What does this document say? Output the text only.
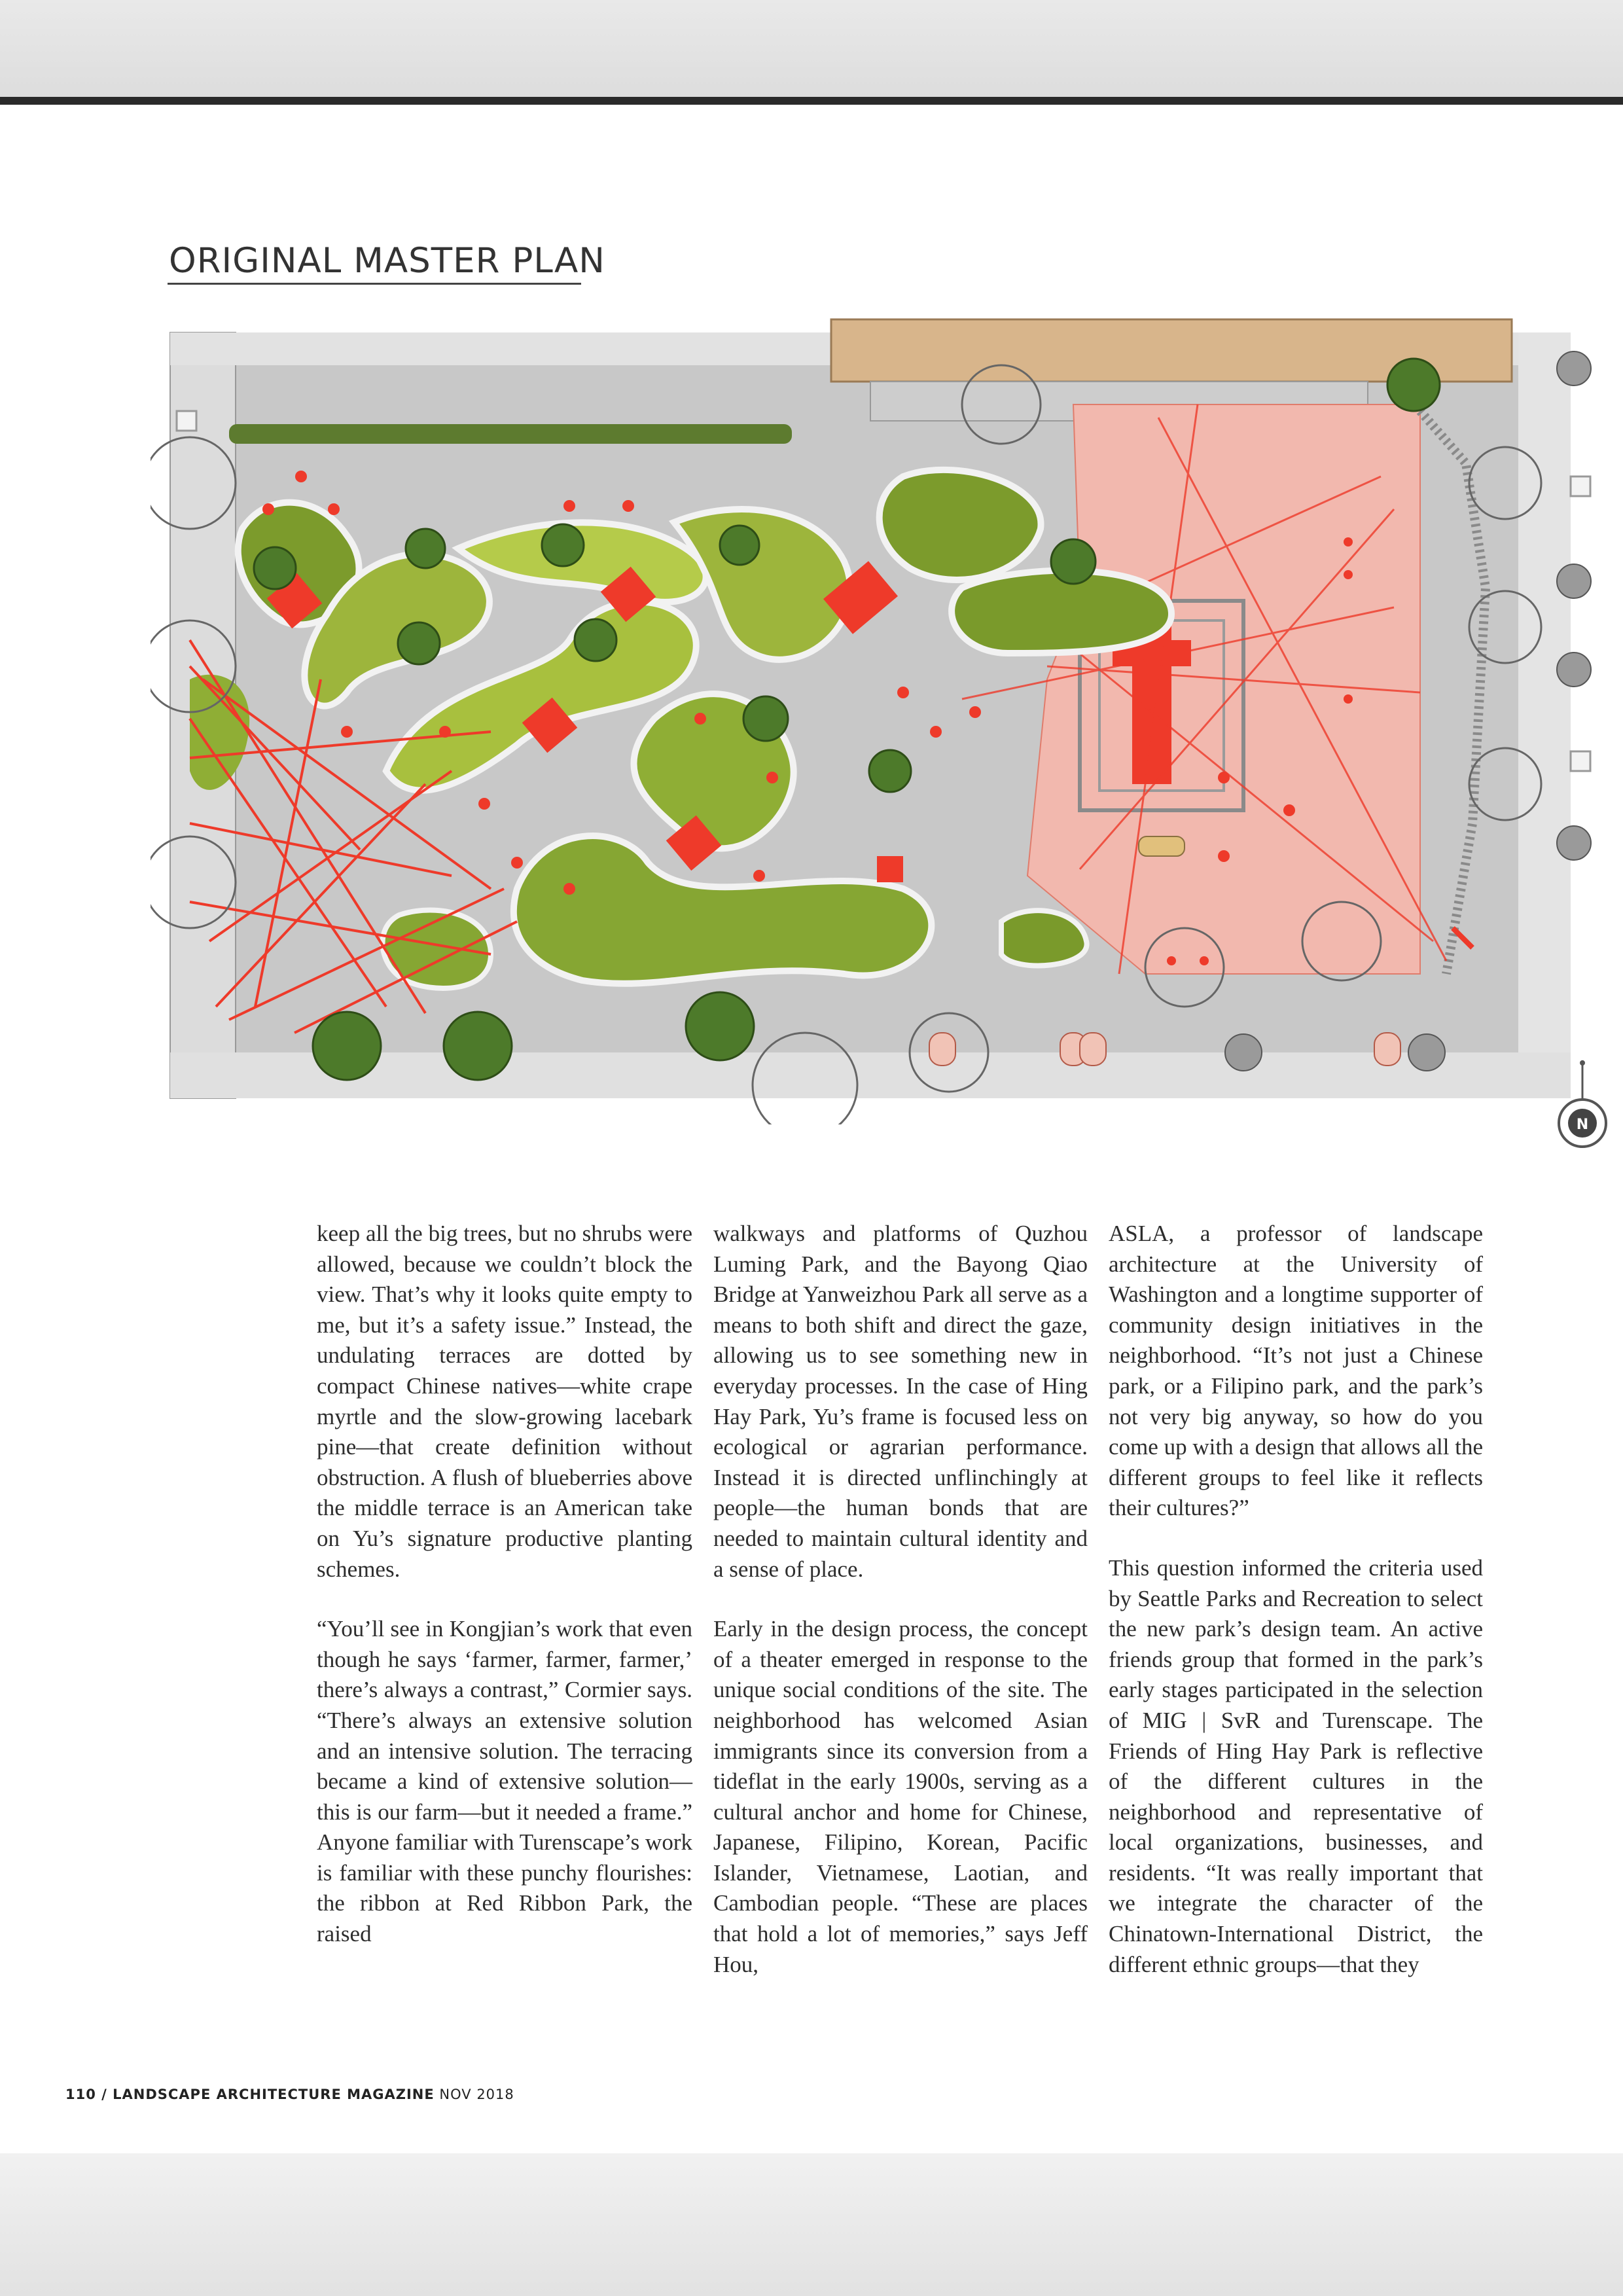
ORIGINAL MASTER PLAN
N

keep all the big trees, but no shrubs were allowed, because we couldn’t block the view. That’s why it looks quite empty to me, but it’s a safety issue.” Instead, the undulating terraces are dotted by compact Chinese natives—white crape myrtle and the slow-growing lacebark pine—that create definition without obstruction. A flush of blueberries above the middle terrace is an American take on Yu’s signature productive planting schemes.

“You’ll see in Kongjian’s work that even though he says ‘farmer, farmer, farmer,’ there’s always a contrast,” Cormier says. “There’s always an extensive solution and an intensive solution. The terracing became a kind of extensive solution—this is our farm—but it needed a frame.” Anyone familiar with Turenscape’s work is familiar with these punchy flourishes: the ribbon at Red Ribbon Park, the raised

walkways and platforms of Quzhou Luming Park, and the Bayong Qiao Bridge at Yanweizhou Park all serve as a means to both shift and direct the gaze, allowing us to see something new in everyday processes. In the case of Hing Hay Park, Yu’s frame is focused less on ecological or agrarian performance. Instead it is directed unflinchingly at people—the human bonds that are needed to maintain cultural identity and a sense of place.

Early in the design process, the concept of a theater emerged in response to the unique social conditions of the site. The neighborhood has welcomed Asian immigrants since its conversion from a tideflat in the early 1900s, serving as a cultural anchor and home for Chinese, Japanese, Filipino, Korean, Pacific Islander, Vietnamese, Laotian, and Cambodian people. “These are places that hold a lot of memories,” says Jeff Hou,

ASLA, a professor of landscape architecture at the University of Washington and a longtime supporter of community design initiatives in the neighborhood. “It’s not just a Chinese park, or a Filipino park, and the park’s not very big anyway, so how do you come up with a design that allows all the different groups to feel like it reflects their cultures?”

This question informed the criteria used by Seattle Parks and Recreation to select the new park’s design team. An active friends group that formed in the park’s early stages participated in the selection of MIG | SvR and Turenscape. The Friends of Hing Hay Park is reflective of the different cultures in the neighborhood and representative of local organizations, businesses, and residents. “It was really important that we integrate the character of the Chinatown-International District, the different ethnic groups—that they

110 / LANDSCAPE ARCHITECTURE MAGAZINE NOV 2018
